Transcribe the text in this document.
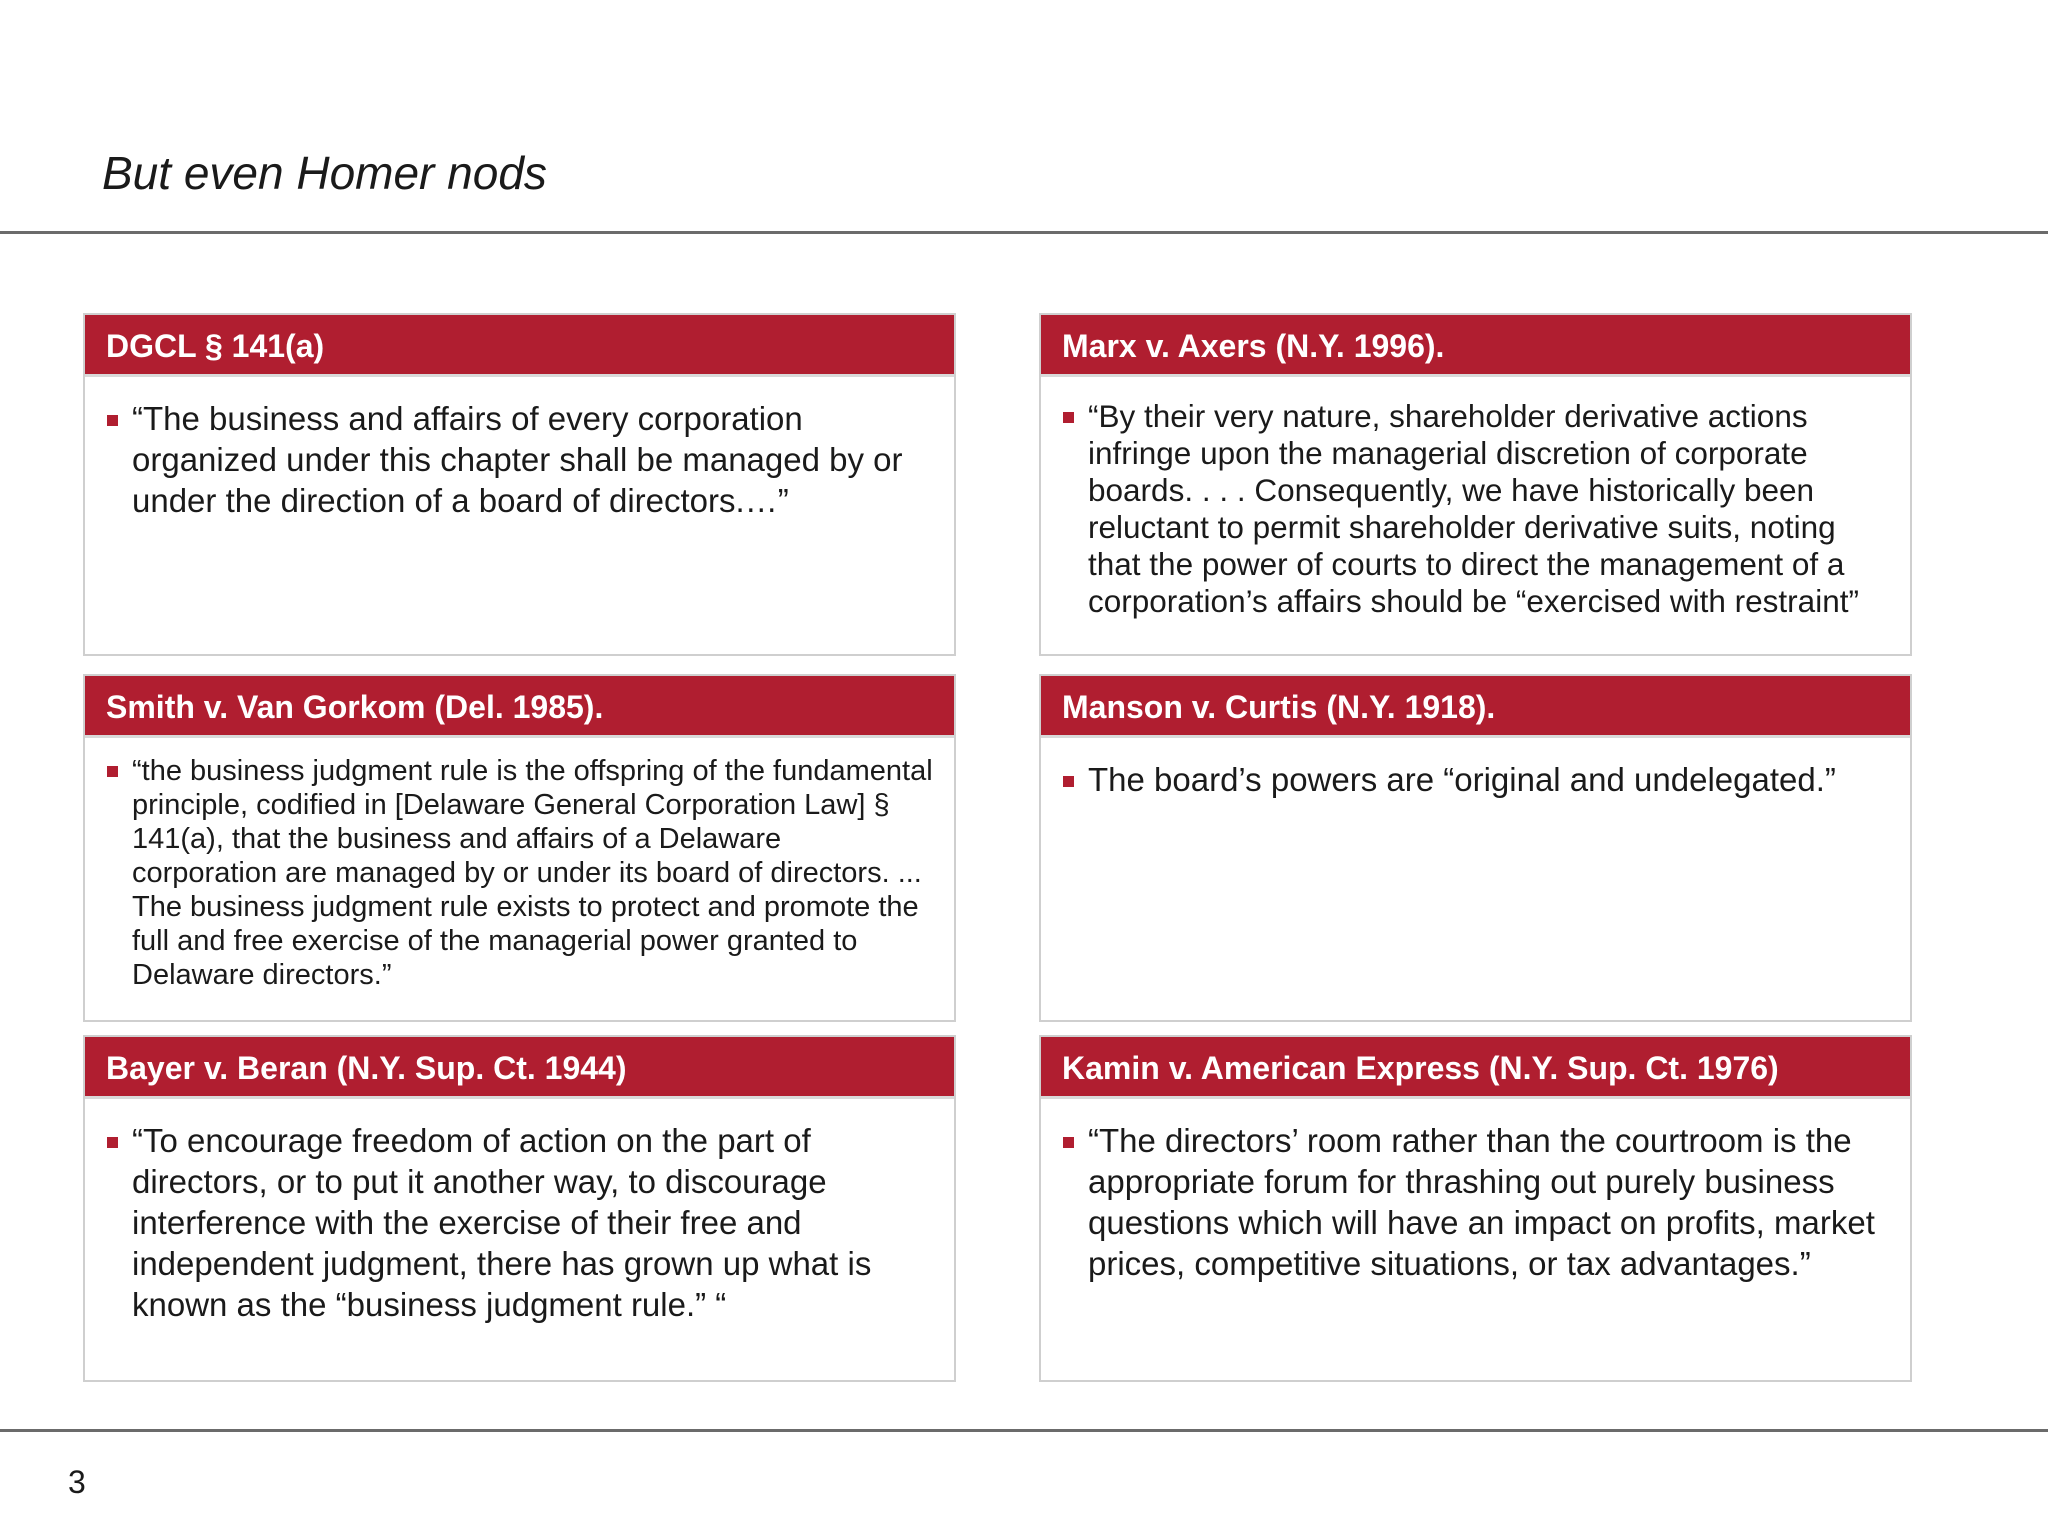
But even Homer nods
DGCL § 141(a)

“The business and affairs of every corporation organized under this chapter shall be managed by or under the direction of a board of directors.…”

Marx v. Axers (N.Y. 1996).

“By their very nature, shareholder derivative actions infringe upon the managerial discretion of corporate boards. . . . Consequently, we have historically been reluctant to permit shareholder derivative suits, noting that the power of courts to direct the management of a corporation’s affairs should be “exercised with restraint”

Smith v. Van Gorkom (Del. 1985).

“the business judgment rule is the offspring of the fundamental principle, codified in [Delaware General Corporation Law] § 141(a), that the business and affairs of a Delaware corporation are managed by or under its board of directors. ... The business judgment rule exists to protect and promote the full and free exercise of the managerial power granted to Delaware directors.”

Manson v. Curtis (N.Y. 1918).

The board’s powers are “original and undelegated.”

Bayer v. Beran (N.Y. Sup. Ct. 1944)

“To encourage freedom of action on the part of directors, or to put it another way, to discourage interference with the exercise of their free and independent judgment, there has grown up what is known as the “business judgment rule.” “

Kamin v. American Express (N.Y. Sup. Ct. 1976)

“The directors’ room rather than the courtroom is the appropriate forum for thrashing out purely business questions which will have an impact on profits, market prices, competitive situations, or tax advantages.”

3
